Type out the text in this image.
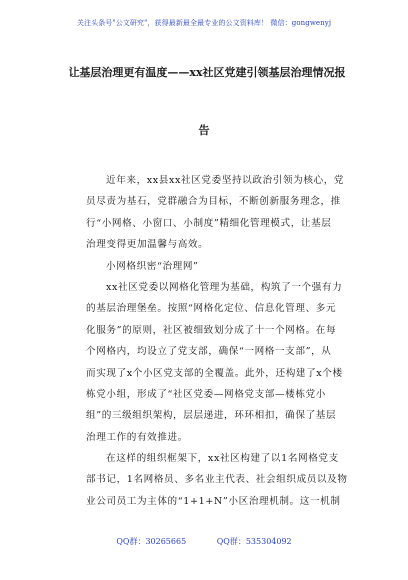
关注头条号"公文研究"，获得最新最全最专业的公文资料库！ 微信：gongwenyj
让基层治理更有温度——xx社区党建引领基层治理情况报
告
近年来，xx县xx社区党委坚持以政治引领为核心，党
员尽责为基石，党群融合为目标，不断创新服务理念，推
行“小网格、小窗口、小制度”精细化管理模式，让基层
治理变得更加温馨与高效。
小网格织密“治理网”
xx社区党委以网格化管理为基础，构筑了一个强有力
的基层治理堡垒。按照“网格化定位、信息化管理、多元
化服务”的原则，社区被细致划分成了十一个网格。在每
个网格内，均设立了党支部，确保“一网格一支部”，从
而实现了x个小区党支部的全覆盖。此外，还构建了x个楼
栋党小组，形成了“社区党委—网格党支部—楼栋党小
组”的三级组织架构，层层递进，环环相扣，确保了基层
治理工作的有效推进。
在这样的组织框架下，xx社区构建了以1名网格党支
部书记，1名网格员、多名业主代表、社会组织成员以及物
业公司员工为主体的“1+1+N”小区治理机制。这一机制
QQ群：30265665	QQ群：535304092
